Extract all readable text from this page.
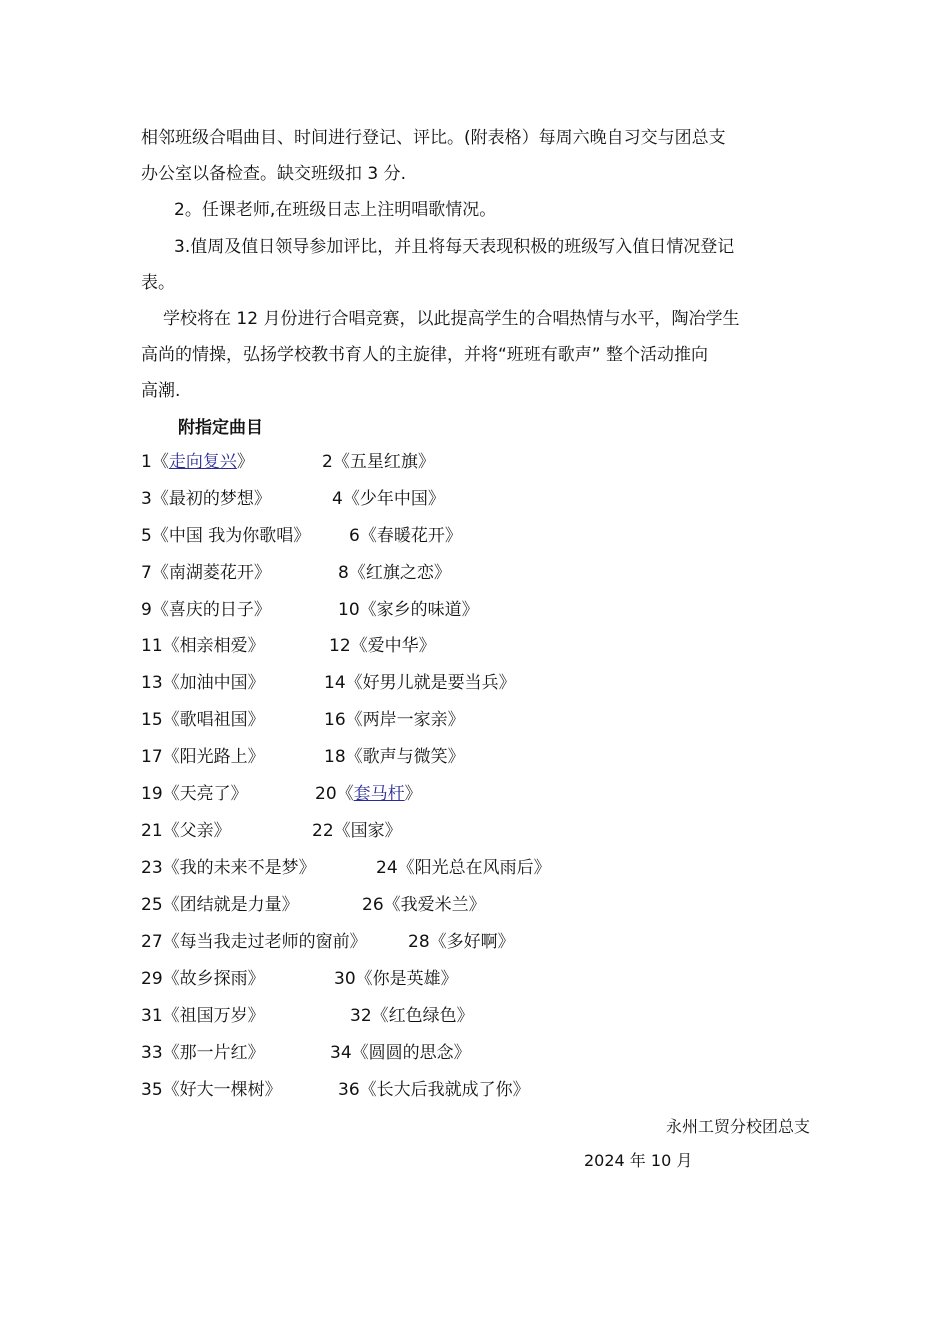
相邻班级合唱曲目、时间进行登记、评比。(附表格）每周六晚自习交与团总支
办公室以备检查。缺交班级扣 3 分.
2。任课老师,在班级日志上注明唱歌情况。
3.值周及值日领导参加评比，并且将每天表现积极的班级写入值日情况登记
表。
学校将在 12 月份进行合唱竞赛，以此提高学生的合唱热情与水平，陶冶学生
高尚的情操，弘扬学校教书育人的主旋律，并将“班班有歌声” 整个活动推向
高潮.
附指定曲目
1《走向复兴》	2《五星红旗》
3《最初的梦想》	4《少年中国》
5《中国 我为你歌唱》 6《春暖花开》
7《南湖菱花开》	8《红旗之恋》
9《喜庆的日子》	10《家乡的味道》
11《相亲相爱》	12《爱中华》
13《加油中国》	14《好男儿就是要当兵》
15《歌唱祖国》	16《两岸一家亲》
17《阳光路上》	18《歌声与微笑》
19《天亮了》	20《套马杆》
21《父亲》	22《国家》
23《我的未来不是梦》	24《阳光总在风雨后》
25《团结就是力量》	26《我爱米兰》
27《每当我走过老师的窗前》 28《多好啊》
29《故乡探雨》	30《你是英雄》
31《祖国万岁》	32《红色绿色》
33《那一片红》	34《圆圆的思念》
35《好大一棵树》	36《长大后我就成了你》
永州工贸分校团总支
2024 年 10 月
